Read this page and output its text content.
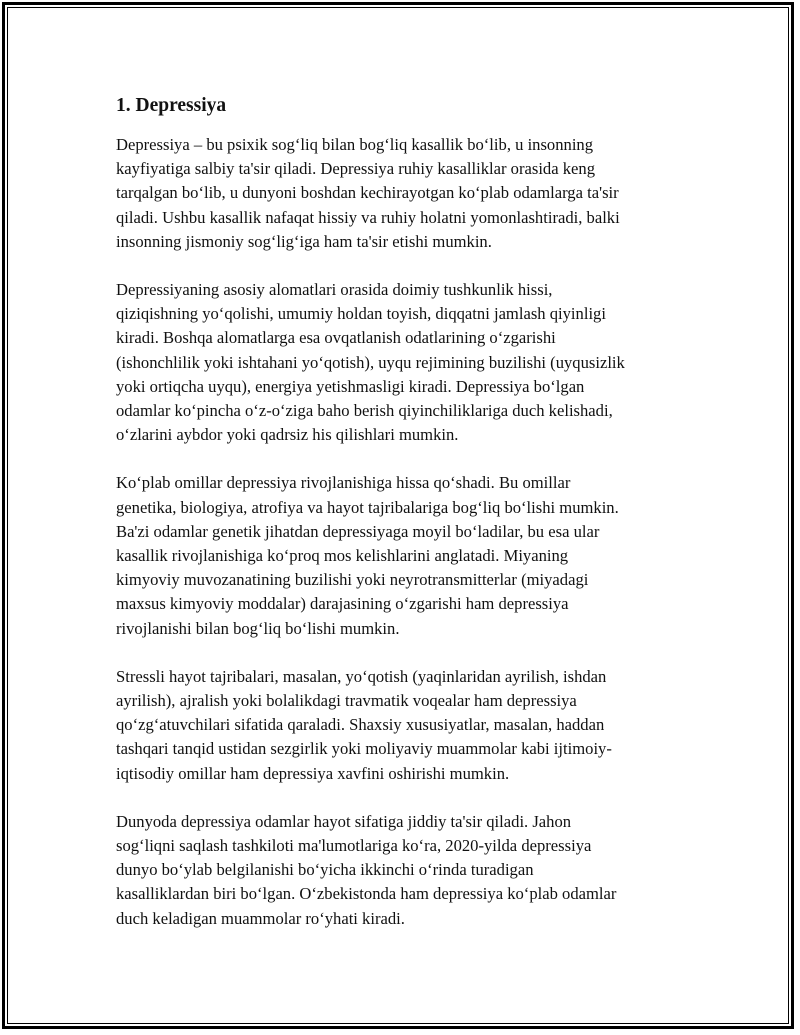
1. Depressiya

Depressiya – bu psixik sog‘liq bilan bog‘liq kasallik bo‘lib, u insonning
kayfiyatiga salbiy ta'sir qiladi. Depressiya ruhiy kasalliklar orasida keng
tarqalgan bo‘lib, u dunyoni boshdan kechirayotgan ko‘plab odamlarga ta'sir
qiladi. Ushbu kasallik nafaqat hissiy va ruhiy holatni yomonlashtiradi, balki
insonning jismoniy sog‘lig‘iga ham ta'sir etishi mumkin.

Depressiyaning asosiy alomatlari orasida doimiy tushkunlik hissi,
qiziqishning yo‘qolishi, umumiy holdan toyish, diqqatni jamlash qiyinligi
kiradi. Boshqa alomatlarga esa ovqatlanish odatlarining o‘zgarishi
(ishonchlilik yoki ishtahani yo‘qotish), uyqu rejimining buzilishi (uyqusizlik
yoki ortiqcha uyqu), energiya yetishmasligi kiradi. Depressiya bo‘lgan
odamlar ko‘pincha o‘z-o‘ziga baho berish qiyinchiliklariga duch kelishadi,
o‘zlarini aybdor yoki qadrsiz his qilishlari mumkin.

Ko‘plab omillar depressiya rivojlanishiga hissa qo‘shadi. Bu omillar
genetika, biologiya, atrofiya va hayot tajribalariga bog‘liq bo‘lishi mumkin.
Ba'zi odamlar genetik jihatdan depressiyaga moyil bo‘ladilar, bu esa ular
kasallik rivojlanishiga ko‘proq mos kelishlarini anglatadi. Miyaning
kimyoviy muvozanatining buzilishi yoki neyrotransmitterlar (miyadagi
maxsus kimyoviy moddalar) darajasining o‘zgarishi ham depressiya
rivojlanishi bilan bog‘liq bo‘lishi mumkin.

Stressli hayot tajribalari, masalan, yo‘qotish (yaqinlaridan ayrilish, ishdan
ayrilish), ajralish yoki bolalikdagi travmatik voqealar ham depressiya
qo‘zg‘atuvchilari sifatida qaraladi. Shaxsiy xususiyatlar, masalan, haddan
tashqari tanqid ustidan sezgirlik yoki moliyaviy muammolar kabi ijtimoiy-
iqtisodiy omillar ham depressiya xavfini oshirishi mumkin.

Dunyoda depressiya odamlar hayot sifatiga jiddiy ta'sir qiladi. Jahon
sog‘liqni saqlash tashkiloti ma'lumotlariga ko‘ra, 2020-yilda depressiya
dunyo bo‘ylab belgilanishi bo‘yicha ikkinchi o‘rinda turadigan
kasalliklardan biri bo‘lgan. O‘zbekistonda ham depressiya ko‘plab odamlar
duch keladigan muammolar ro‘yhati kiradi.
